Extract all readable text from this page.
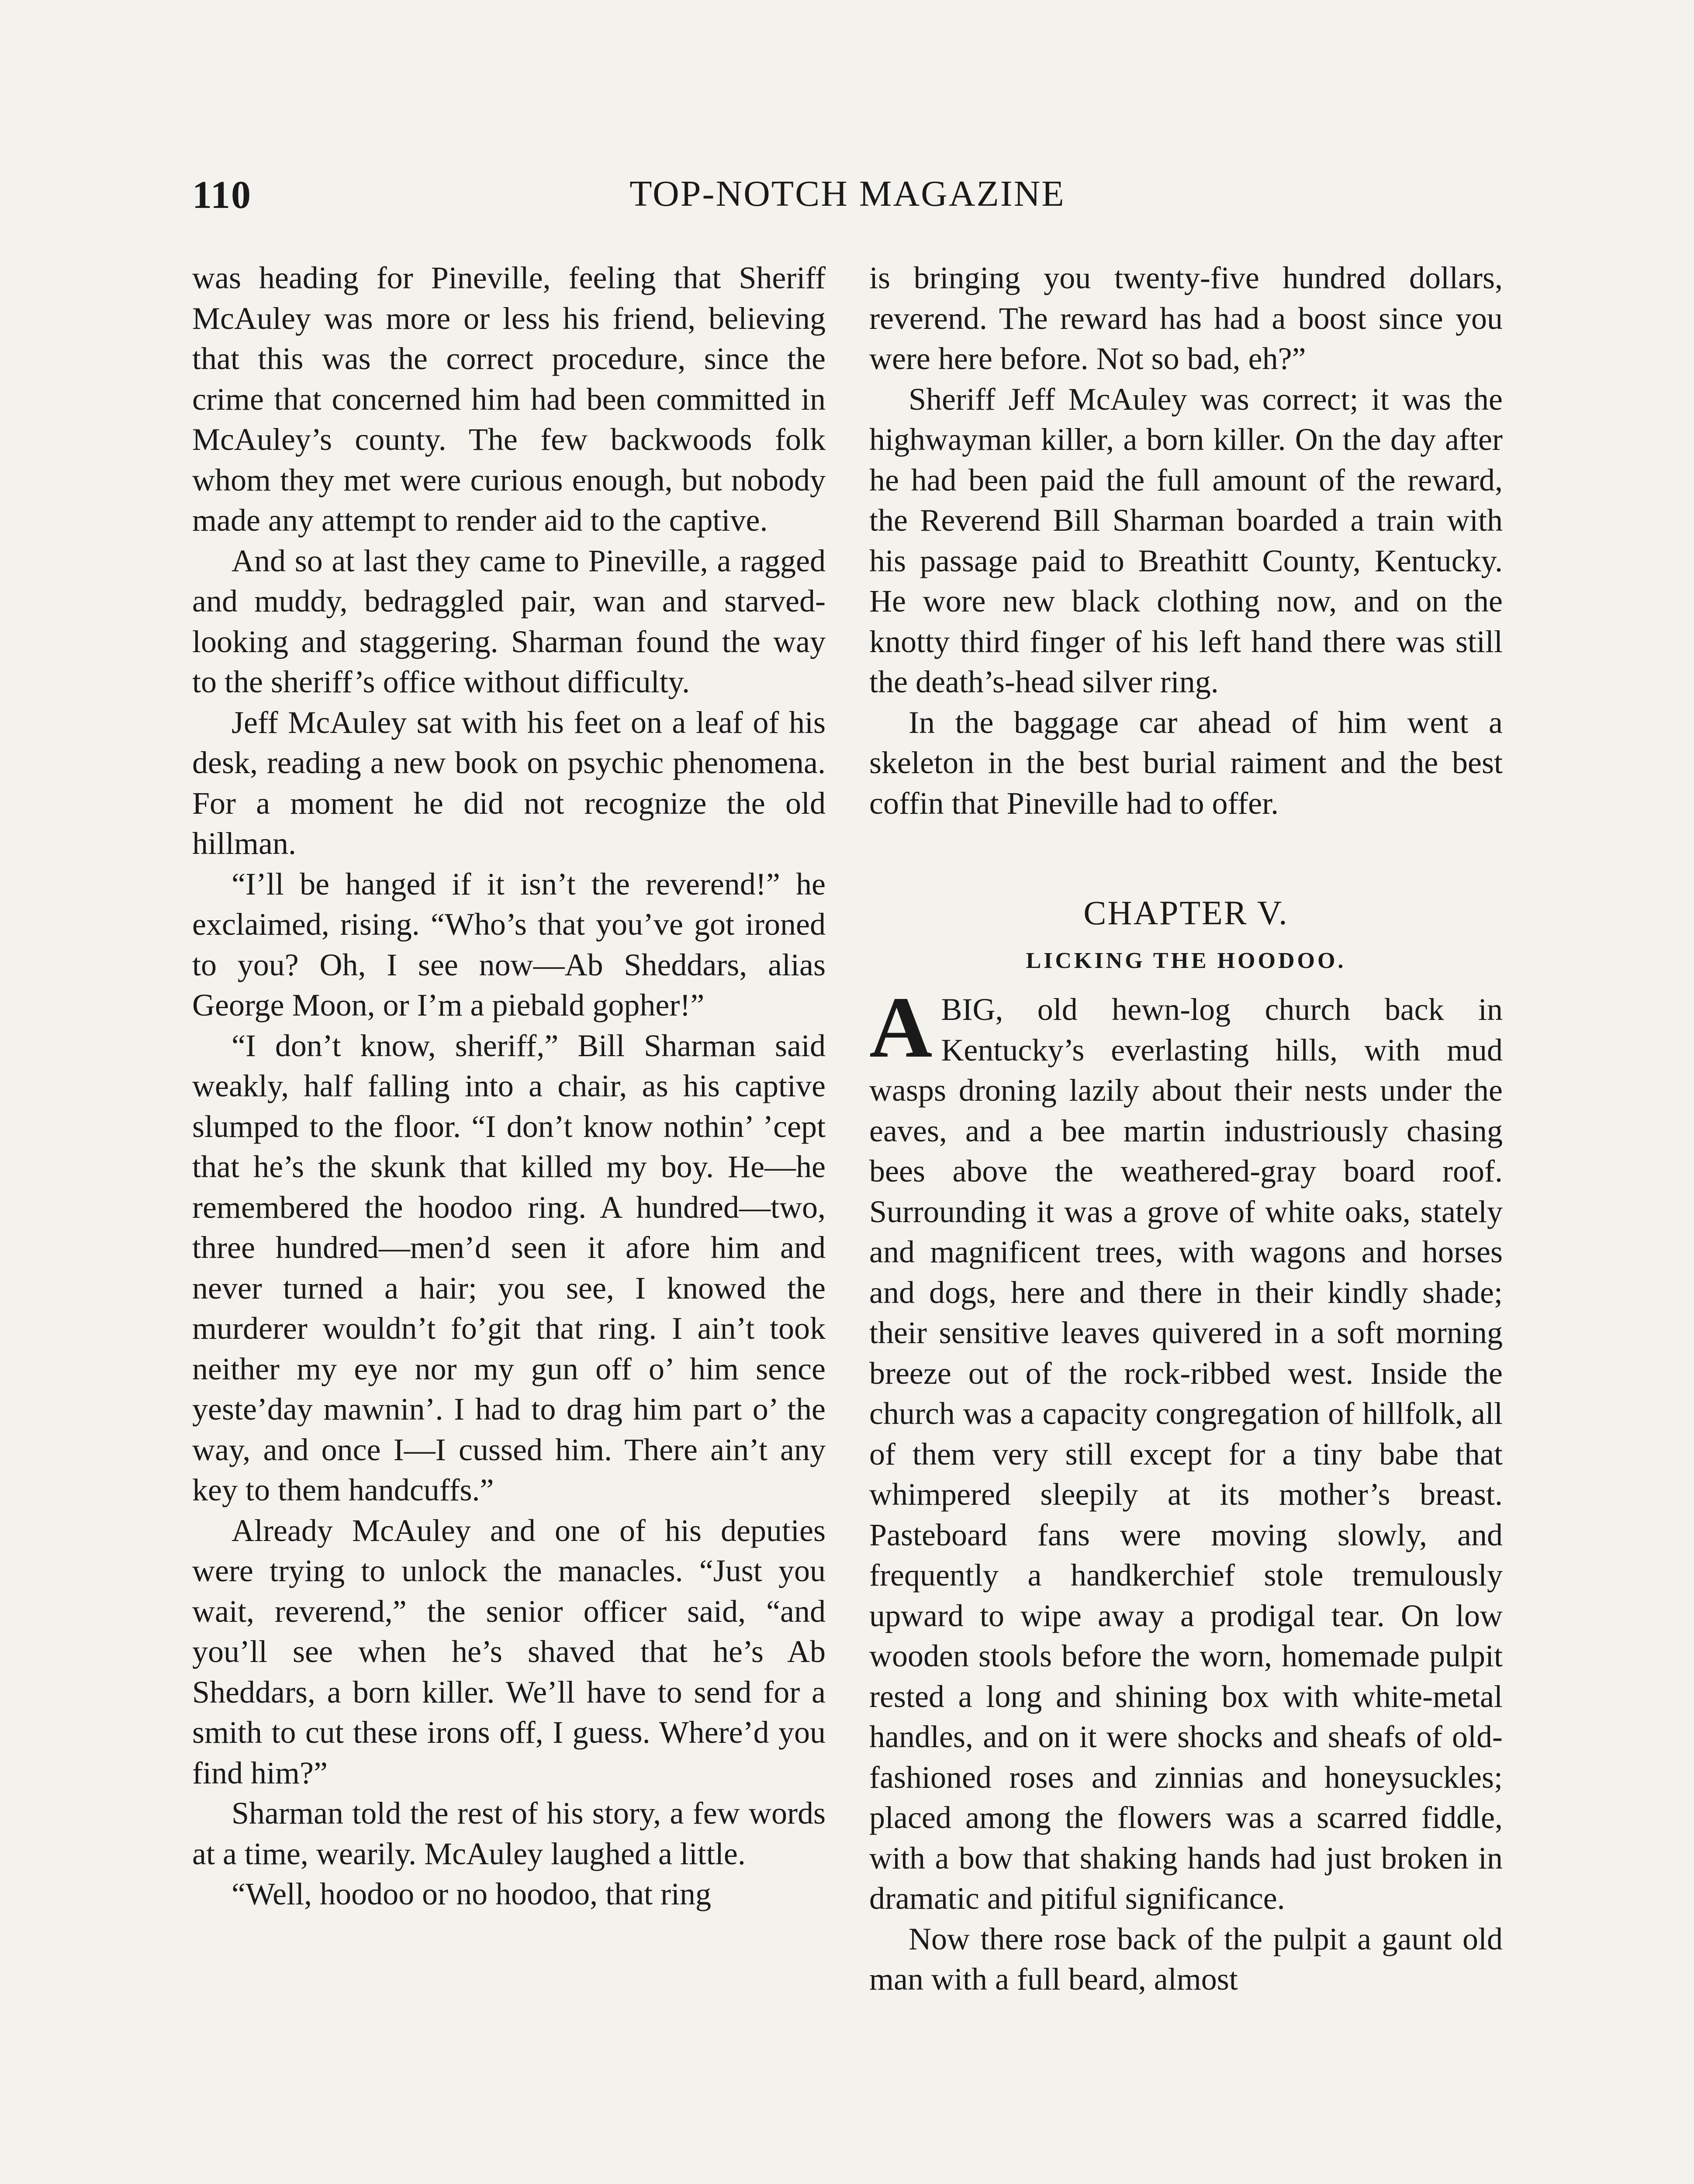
110	TOP-NOTCH MAGAZINE

was heading for Pineville, feeling that Sheriff McAuley was more or less his friend, believing that this was the correct procedure, since the crime that concerned him had been committed in McAuley’s county. The few backwoods folk whom they met were curious enough, but nobody made any attempt to render aid to the captive.

And so at last they came to Pineville, a ragged and muddy, bedraggled pair, wan and starved-looking and staggering. Sharman found the way to the sheriff’s office without difficulty.

Jeff McAuley sat with his feet on a leaf of his desk, reading a new book on psychic phenomena. For a moment he did not recognize the old hillman.

“I’ll be hanged if it isn’t the reverend!” he exclaimed, rising. “Who’s that you’ve got ironed to you? Oh, I see now—Ab Sheddars, alias George Moon, or I’m a piebald gopher!”

“I don’t know, sheriff,” Bill Sharman said weakly, half falling into a chair, as his captive slumped to the floor. “I don’t know nothin’ ’cept that he’s the skunk that killed my boy. He—he remembered the hoodoo ring. A hundred—two, three hundred—men’d seen it afore him and never turned a hair; you see, I knowed the murderer wouldn’t fo’git that ring. I ain’t took neither my eye nor my gun off o’ him sence yeste’day mawnin’. I had to drag him part o’ the way, and once I—I cussed him. There ain’t any key to them handcuffs.”

Already McAuley and one of his deputies were trying to unlock the manacles. “Just you wait, reverend,” the senior officer said, “and you’ll see when he’s shaved that he’s Ab Sheddars, a born killer. We’ll have to send for a smith to cut these irons off, I guess. Where’d you find him?”

Sharman told the rest of his story, a few words at a time, wearily. McAuley laughed a little.

“Well, hoodoo or no hoodoo, that ring

is bringing you twenty-five hundred dollars, reverend. The reward has had a boost since you were here before. Not so bad, eh?”

Sheriff Jeff McAuley was correct; it was the highwayman killer, a born killer. On the day after he had been paid the full amount of the reward, the Reverend Bill Sharman boarded a train with his passage paid to Breathitt County, Kentucky. He wore new black clothing now, and on the knotty third finger of his left hand there was still the death’s-head silver ring.

In the baggage car ahead of him went a skeleton in the best burial raiment and the best coffin that Pineville had to offer.

CHAPTER V.
LICKING THE HOODOO.

ABIG, old hewn-log church back in Kentucky’s everlasting hills, with mud wasps droning lazily about their nests under the eaves, and a bee martin industriously chasing bees above the weathered-gray board roof. Surrounding it was a grove of white oaks, stately and magnificent trees, with wagons and horses and dogs, here and there in their kindly shade; their sensitive leaves quivered in a soft morning breeze out of the rock-ribbed west. Inside the church was a capacity congregation of hillfolk, all of them very still except for a tiny babe that whimpered sleepily at its mother’s breast. Pasteboard fans were moving slowly, and frequently a handkerchief stole tremulously upward to wipe away a prodigal tear. On low wooden stools before the worn, homemade pulpit rested a long and shining box with white-metal handles, and on it were shocks and sheafs of old-fashioned roses and zinnias and honeysuckles; placed among the flowers was a scarred fiddle, with a bow that shaking hands had just broken in dramatic and pitiful significance.

Now there rose back of the pulpit a gaunt old man with a full beard, almost
